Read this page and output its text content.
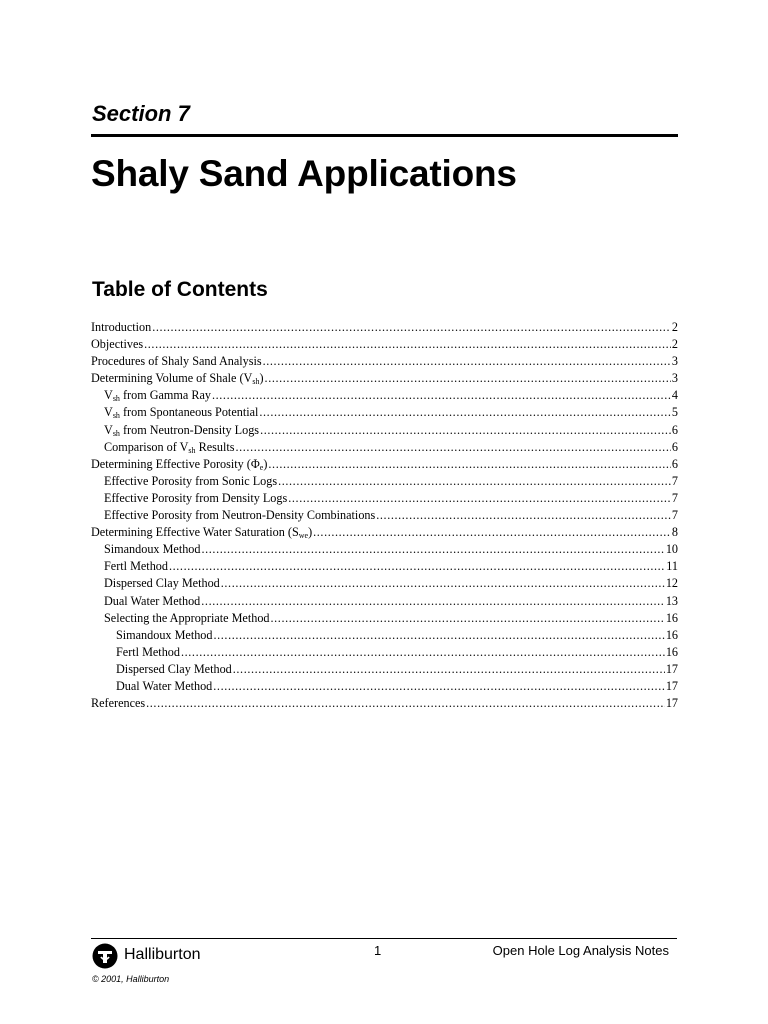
Section 7
Shaly Sand Applications
Table of Contents
Introduction .....	2
Objectives .....	2
Procedures of Shaly Sand Analysis .....	3
Determining Volume of Shale $(V_{sh})$ .....	3
$V_{sh}$ from Gamma Ray .....	4
$V_{sh}$ from Spontaneous Potential .....	5
$V_{sh}$ from Neutron-Density Logs .....	6
Comparison of $V_{sh}$ Results .....	6
Determining Effective Porosity $(\Phi_e)$ .....	6
Effective Porosity from Sonic Logs .....	7
Effective Porosity from Density Logs .....	7
Effective Porosity from Neutron-Density Combinations .....	7
Determining Effective Water Saturation $(S_{we})$ .....	8
Simandoux Method .....	10
Fertl Method .....	11
Dispersed Clay Method .....	12
Dual Water Method .....	13
Selecting the Appropriate Method .....	16
Simandoux Method .....	16
Fertl Method .....	16
Dispersed Clay Method .....	17
Dual Water Method .....	17
References .....	17
Halliburton	1	Open Hole Log Analysis Notes
© 2001, Halliburton
